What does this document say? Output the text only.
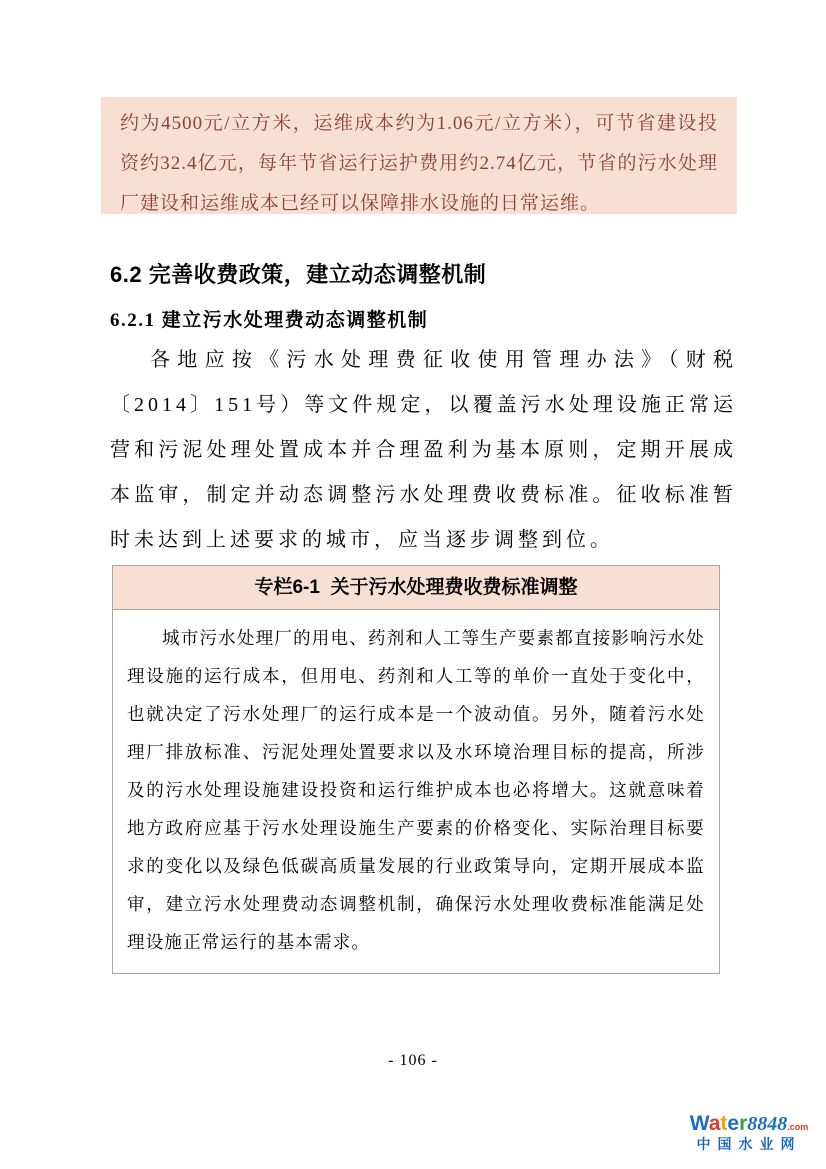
约为4500元/立方米，运维成本约为1.06元/立方米），可节省建设投资约32.4亿元，每年节省运行运护费用约2.74亿元，节省的污水处理厂建设和运维成本已经可以保障排水设施的日常运维。
6.2 完善收费政策，建立动态调整机制
6.2.1 建立污水处理费动态调整机制
各地应按《污水处理费征收使用管理办法》（财税〔2014〕151号）等文件规定，以覆盖污水处理设施正常运营和污泥处理处置成本并合理盈利为基本原则，定期开展成本监审，制定并动态调整污水处理费收费标准。征收标准暂时未达到上述要求的城市，应当逐步调整到位。
专栏6-1  关于污水处理费收费标准调整
城市污水处理厂的用电、药剂和人工等生产要素都直接影响污水处理设施的运行成本，但用电、药剂和人工等的单价一直处于变化中，也就决定了污水处理厂的运行成本是一个波动值。另外，随着污水处理厂排放标准、污泥处理处置要求以及水环境治理目标的提高，所涉及的污水处理设施建设投资和运行维护成本也必将增大。这就意味着地方政府应基于污水处理设施生产要素的价格变化、实际治理目标要求的变化以及绿色低碳高质量发展的行业政策导向，定期开展成本监审，建立污水处理费动态调整机制，确保污水处理收费标准能满足处理设施正常运行的基本需求。
- 106 -
Water8848.com
中国水业网
